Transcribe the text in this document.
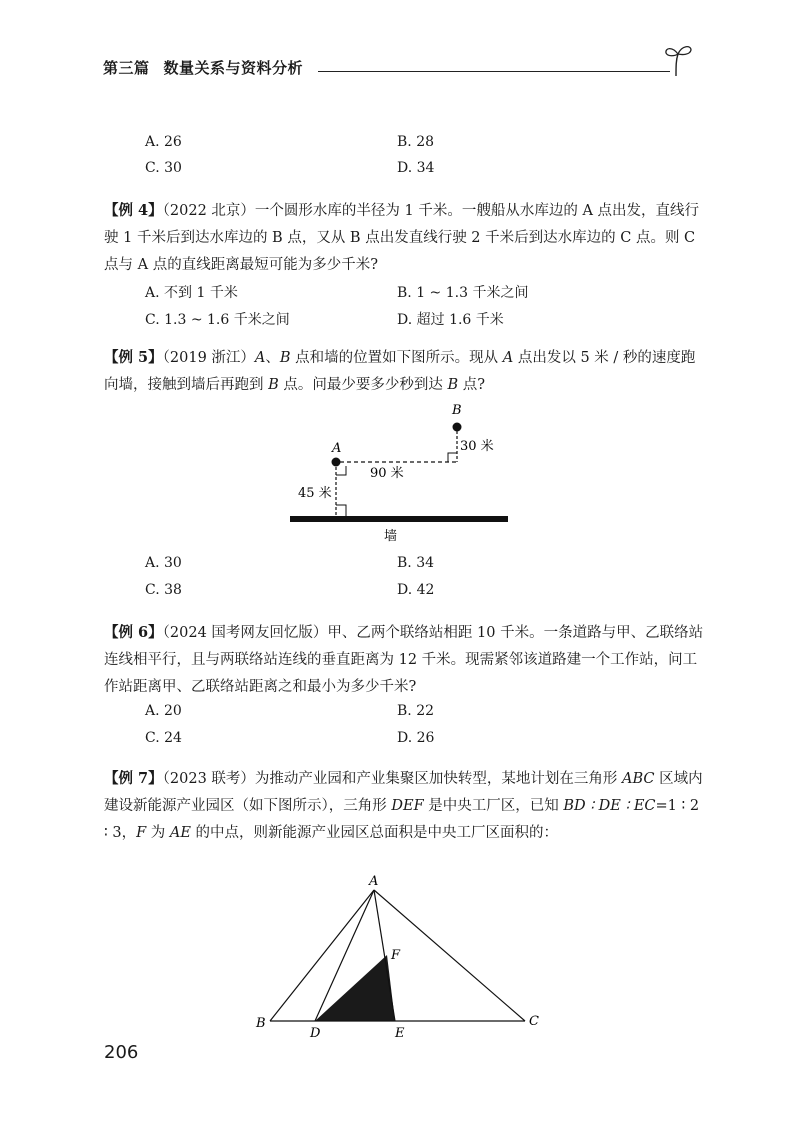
第三篇 数量关系与资料分析
A. 26	B. 28
C. 30	D. 34
【例 4】（2022 北京）一个圆形水库的半径为 1 千米。一艘船从水库边的 A 点出发，直线行驶 1 千米后到达水库边的 B 点，又从 B 点出发直线行驶 2 千米后到达水库边的 C 点。则 C 点与 A 点的直线距离最短可能为多少千米?
A. 不到 1 千米	B. 1 ~ 1.3 千米之间
C. 1.3 ~ 1.6 千米之间	D. 超过 1.6 千米
【例 5】（2019 浙江）A、B 点和墙的位置如下图所示。现从 A 点出发以 5 米 / 秒的速度跑向墙，接触到墙后再跑到 B 点。问最少要多少秒到达 B 点?
B
30 米
A
90 米
45 米
墙
A. 30	B. 34
C. 38	D. 42
【例 6】（2024 国考网友回忆版）甲、乙两个联络站相距 10 千米。一条道路与甲、乙联络站连线相平行，且与两联络站连线的垂直距离为 12 千米。现需紧邻该道路建一个工作站，问工作站距离甲、乙联络站距离之和最小为多少千米?
A. 20	B. 22
C. 24	D. 26
【例 7】（2023 联考）为推动产业园和产业集聚区加快转型，某地计划在三角形 ABC 区域内建设新能源产业园区（如下图所示），三角形 DEF 是中央工厂区，已知 BD ∶ DE ∶ EC=1 ∶ 2 ∶ 3，F 为 AE 的中点，则新能源产业园区总面积是中央工厂区面积的：
A
B	C
D	E
F
206
